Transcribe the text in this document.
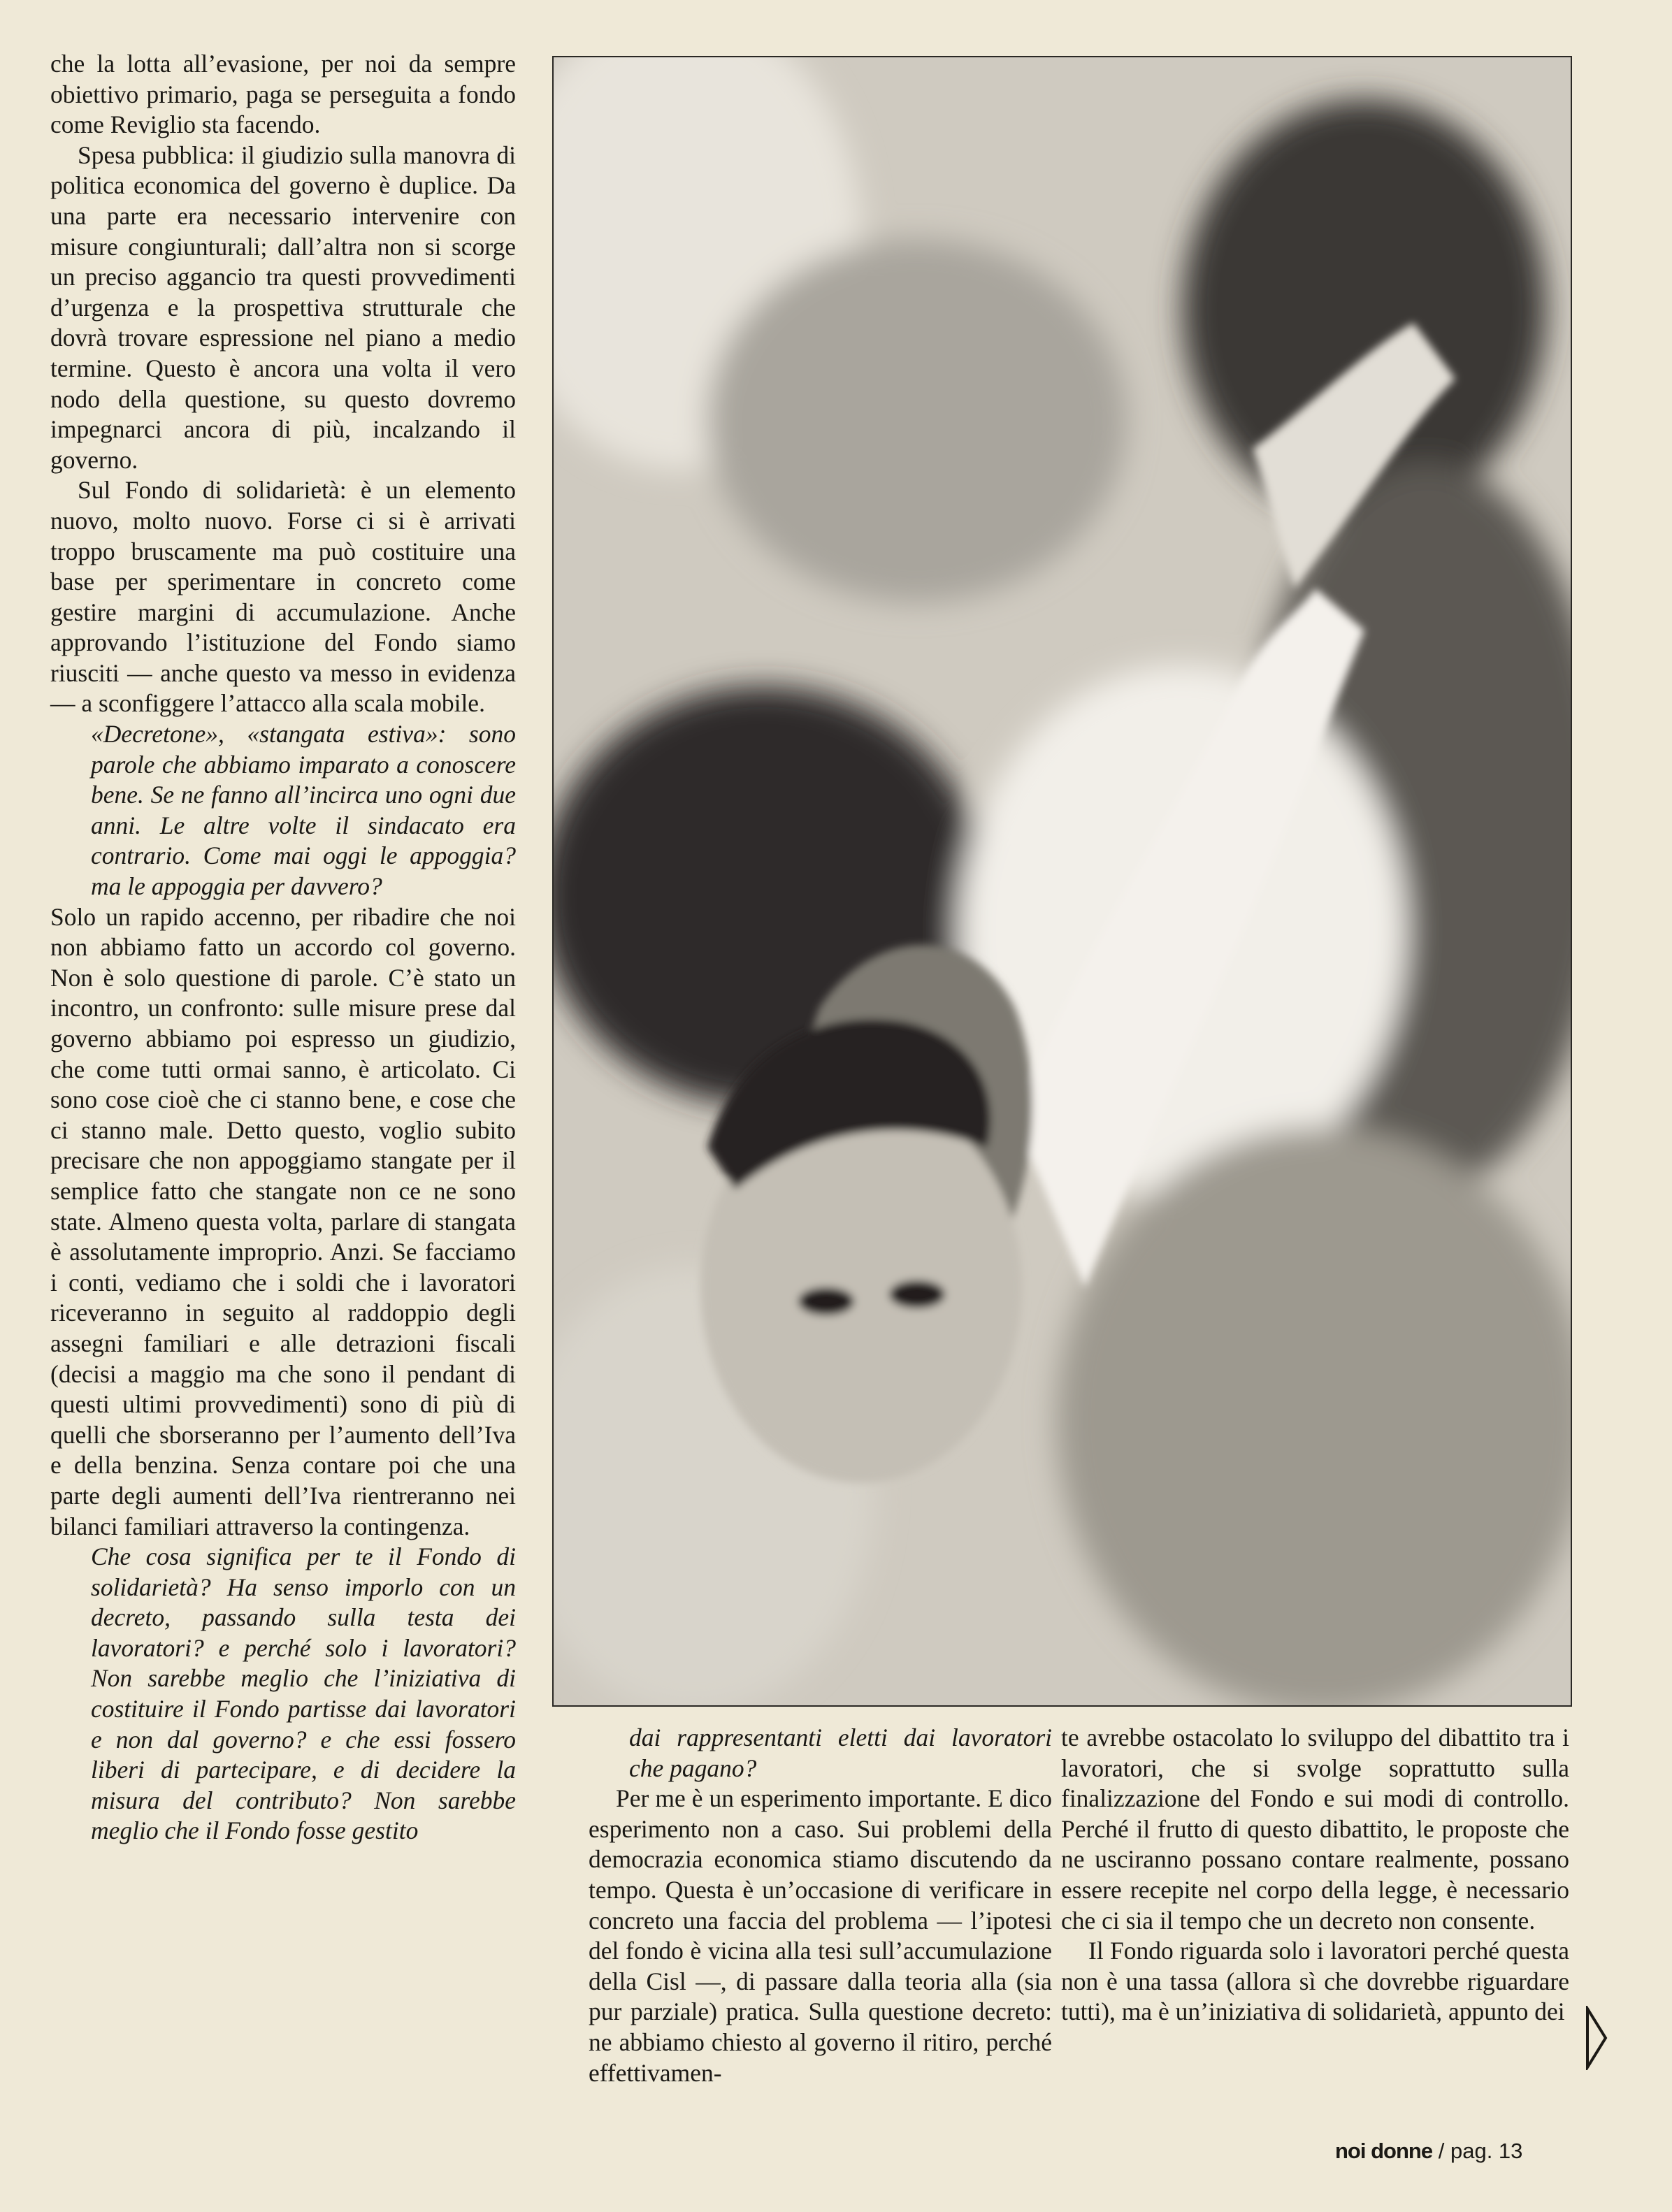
che la lotta all’evasione, per noi da sempre obiettivo primario, paga se perseguita a fondo come Reviglio sta facendo.

Spesa pubblica: il giudizio sulla manovra di politica economica del governo è duplice. Da una parte era necessario intervenire con misure congiunturali; dall’altra non si scorge un preciso aggancio tra questi provvedimenti d’urgenza e la prospettiva strutturale che dovrà trovare espressione nel piano a medio termine. Questo è ancora una volta il vero nodo della questione, su questo dovremo impegnarci ancora di più, incalzando il governo.

Sul Fondo di solidarietà: è un elemento nuovo, molto nuovo. Forse ci si è arrivati troppo bruscamente ma può costituire una base per sperimentare in concreto come gestire margini di accumulazione. Anche approvando l’istituzione del Fondo siamo riusciti — anche questo va messo in evidenza — a sconfiggere l’attacco alla scala mobile.

«Decretone», «stangata estiva»: sono parole che abbiamo imparato a conoscere bene. Se ne fanno all’incirca uno ogni due anni. Le altre volte il sindacato era contrario. Come mai oggi le appoggia? ma le appoggia per davvero?

Solo un rapido accenno, per ribadire che noi non abbiamo fatto un accordo col governo. Non è solo questione di parole. C’è stato un incontro, un confronto: sulle misure prese dal governo abbiamo poi espresso un giudizio, che come tutti ormai sanno, è articolato. Ci sono cose cioè che ci stanno bene, e cose che ci stanno male. Detto questo, voglio subito precisare che non appoggiamo stangate per il semplice fatto che stangate non ce ne sono state. Almeno questa volta, parlare di stangata è assolutamente improprio. Anzi. Se facciamo i conti, vediamo che i soldi che i lavoratori riceveranno in seguito al raddoppio degli assegni familiari e alle detrazioni fiscali (decisi a maggio ma che sono il pendant di questi ultimi provvedimenti) sono di più di quelli che sborseranno per l’aumento dell’Iva e della benzina. Senza contare poi che una parte degli aumenti dell’Iva rientreranno nei bilanci familiari attraverso la contingenza.

Che cosa significa per te il Fondo di solidarietà? Ha senso imporlo con un decreto, passando sulla testa dei lavoratori? e perché solo i lavoratori? Non sarebbe meglio che l’iniziativa di costituire il Fondo partisse dai lavoratori e non dal governo? e che essi fossero liberi di partecipare, e di decidere la misura del contributo? Non sarebbe meglio che il Fondo fosse gestito

dai rappresentanti eletti dai lavoratori che pagano?

Per me è un esperimento importante. E dico esperimento non a caso. Sui problemi della democrazia economica stiamo discutendo da tempo. Questa è un’occasione di verificare in concreto una faccia del problema — l’ipotesi del fondo è vicina alla tesi sull’accumulazione della Cisl —, di passare dalla teoria alla (sia pur parziale) pratica. Sulla questione decreto: ne abbiamo chiesto al governo il ritiro, perché effettivamen-

te avrebbe ostacolato lo sviluppo del dibattito tra i lavoratori, che si svolge soprattutto sulla finalizzazione del Fondo e sui modi di controllo. Perché il frutto di questo dibattito, le proposte che ne usciranno possano contare realmente, possano essere recepite nel corpo della legge, è necessario che ci sia il tempo che un decreto non consente.

Il Fondo riguarda solo i lavoratori perché questa non è una tassa (allora sì che dovrebbe riguardare tutti), ma è un’iniziativa di solidarietà, appunto dei

noi donne / pag. 13
